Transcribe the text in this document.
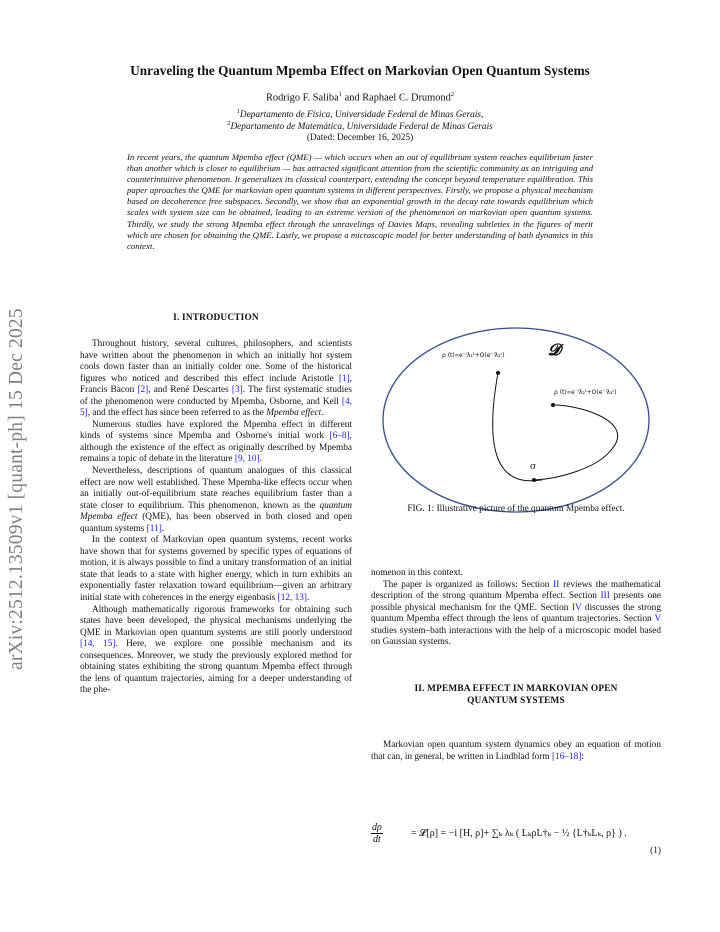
arXiv:2512.13509v1 [quant-ph] 15 Dec 2025
Unraveling the Quantum Mpemba Effect on Markovian Open Quantum Systems
Rodrigo F. Saliba$^1$ and Raphael C. Drumond$^2$
$^1$Departamento de Física, Universidade Federal de Minas Gerais,
$^2$Departamento de Matemática, Universidade Federal de Minas Gerais
(Dated: December 16, 2025)

In recent years, the quantum Mpemba effect (QME) — which occurs when an out of equilibrium system reaches equilibrium faster than another which is closer to equilibrium — has attracted significant attention from the scientific community as an intriguing and counterintuitive phenomenon. It generalizes its classical counterpart, extending the concept beyond temperature equilibration. This paper aproaches the QME for markovian open quantum systems in different perspectives. Firstly, we propose a physical mechanism based on decoherence free subspaces. Secondly, we show that an exponential growth in the decay rate towards equilibrium which scales with system size can be obtained, leading to an extreme version of the phenomenon on markovian open quantum systems. Thirdly, we study the strong Mpemba effect through the unravelings of Davies Maps, revealing subtleties in the figures of merit which are chosen for obtaining the QME. Lastly, we propose a microscopic model for better understanding of bath dynamics in this context.

I. INTRODUCTION

Throughout history, several cultures, philosophers, and scientists have written about the phenomenon in which an initially hot system cools down faster than an initially colder one. Some of the historical figures who noticed and described this effect include Aristotle [1], Francis Bacon [2], and René Descartes [3]. The first systematic studies of the phenomenon were conducted by Mpemba, Osborne, and Kell [4, 5], and the effect has since been referred to as the Mpemba effect.

Numerous studies have explored the Mpemba effect in different kinds of systems since Mpemba and Osborne's initial work [6–8], although the existence of the effect as originally described by Mpemba remains a topic of debate in the literature [9, 10].

Nevertheless, descriptions of quantum analogues of this classical effect are now well established. These Mpemba-like effects occur when an initially out-of-equilibrium state reaches equilibrium faster than a state closer to equilibrium. This phenomenon, known as the quantum Mpemba effect (QME), has been observed in both closed and open quantum systems [11].

In the context of Markovian open quantum systems, recent works have shown that for systems governed by specific types of equations of motion, it is always possible to find a unitary transformation of an initial state that leads to a state with higher energy, which in turn exhibits an exponentially faster relaxation toward equilibrium—given an arbitrary initial state with coherences in the energy eigenbasis [12, 13].

Although mathematically rigorous frameworks for obtaining such states have been developed, the physical mechanisms underlying the QME in Markovian open quantum systems are still poorly understood [14, 15]. Here, we explore one possible mechanism and its consequences. Moreover, we study the previously explored method for obtaining states exhibiting the strong quantum Mpemba effect through the lens of quantum trajectories, aiming for a deeper understanding of the phe-

𝓓
ρ (t)∝e⁻ˡλ₁ᵗ+O(e⁻ˡλ₂ᵗ)
ρ (t)∝e⁻ˡλ₂ᵗ+O(e⁻ˡλ₃ᵗ)
σ
FIG. 1: Illustrative picture of the quantum Mpemba effect.

nomenon in this context.

The paper is organized as follows: Section II reviews the mathematical description of the strong quantum Mpemba effect. Section III presents one possible physical mechanism for the QME. Section IV discusses the strong quantum Mpemba effect through the lens of quantum trajectories. Section V studies system–bath interactions with the help of a microscopic model based on Gaussian systems.

II. MPEMBA EFFECT IN MARKOVIAN OPEN
QUANTUM SYSTEMS

Markovian open quantum system dynamics obey an equation of motion that can, in general, be written in Lindblad form [16–18]:

$\frac{d\rho}{dt}$	= 𝓛[ρ] = −i [H, ρ]+ ∑ₖ λₖ ( LₖρL†ₖ − ½ {L†ₖLₖ, ρ} ) .
(1)
